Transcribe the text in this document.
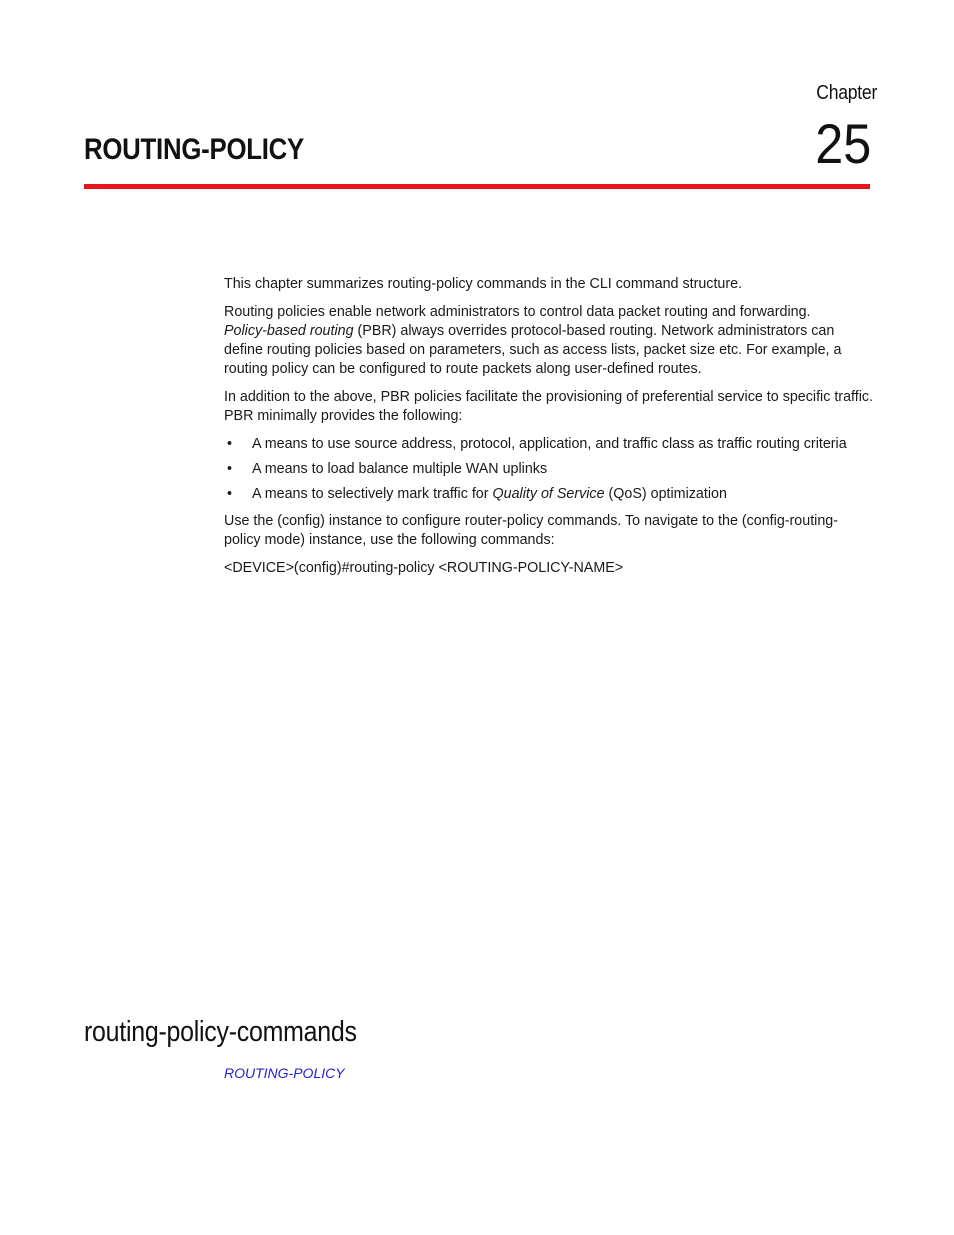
Chapter
25
ROUTING-POLICY

This chapter summarizes routing-policy commands in the CLI command structure.

Routing policies enable network administrators to control data packet routing and forwarding.
Policy-based routing (PBR) always overrides protocol-based routing. Network administrators can define routing policies based on parameters, such as access lists, packet size etc. For example, a routing policy can be configured to route packets along user-defined routes.

In addition to the above, PBR policies facilitate the provisioning of preferential service to specific traffic. PBR minimally provides the following:

• A means to use source address, protocol, application, and traffic class as traffic routing criteria
• A means to load balance multiple WAN uplinks
• A means to selectively mark traffic for Quality of Service (QoS) optimization

Use the (config) instance to configure router-policy commands. To navigate to the (config-routing-policy mode) instance, use the following commands:

<DEVICE>(config)#routing-policy <ROUTING-POLICY-NAME>

routing-policy-commands
ROUTING-POLICY
